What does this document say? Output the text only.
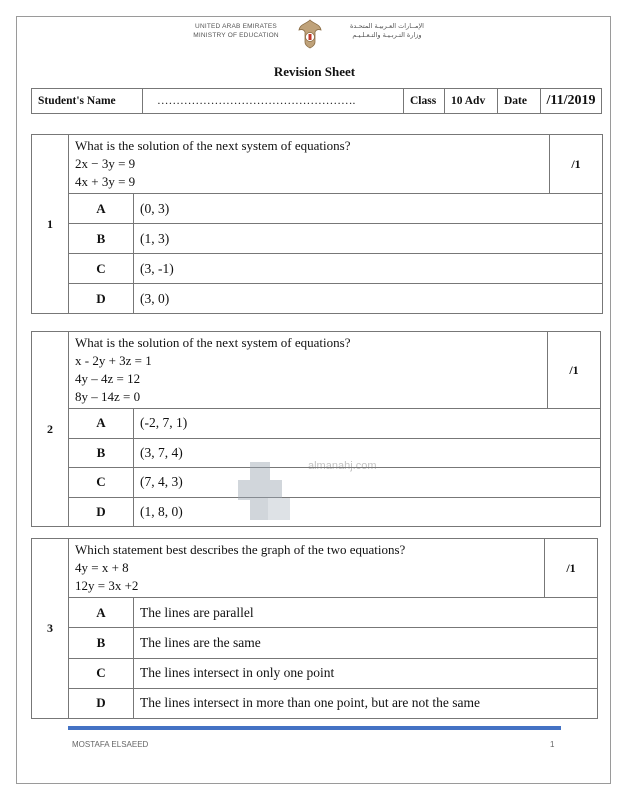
UNITED ARAB EMIRATES
MINISTRY OF EDUCATION
الإمــارات العـربيـة المتحـدة
وزارة التـربـيـة والتـعـلـيـم
Revision Sheet
Student's Name	…………………………………………….	Class	10 Adv	Date	/11/2019
1	What is the solution of the next system of equations?
2x − 3y = 9
4x + 3y = 9		/1
	A	(0, 3)	
	B	(1, 3)	
	C	(3, -1)	
	D	(3, 0)	
2	What is the solution of the next system of equations?
x - 2y + 3z = 1
4y – 4z = 12
8y – 14z = 0		/1
	A	(-2, 7, 1)	
	B	(3, 7, 4)	
	C	(7, 4, 3)	
	D	(1, 8, 0)	
3	Which statement best describes the graph of the two equations?
4y = x + 8
12y = 3x +2		/1
	A	The lines are parallel	
	B	The lines are the same	
	C	The lines intersect in only one point	
	D	The lines intersect in more than one point, but are not the same	
almanahj.com
MOSTAFA ELSAEED	1
